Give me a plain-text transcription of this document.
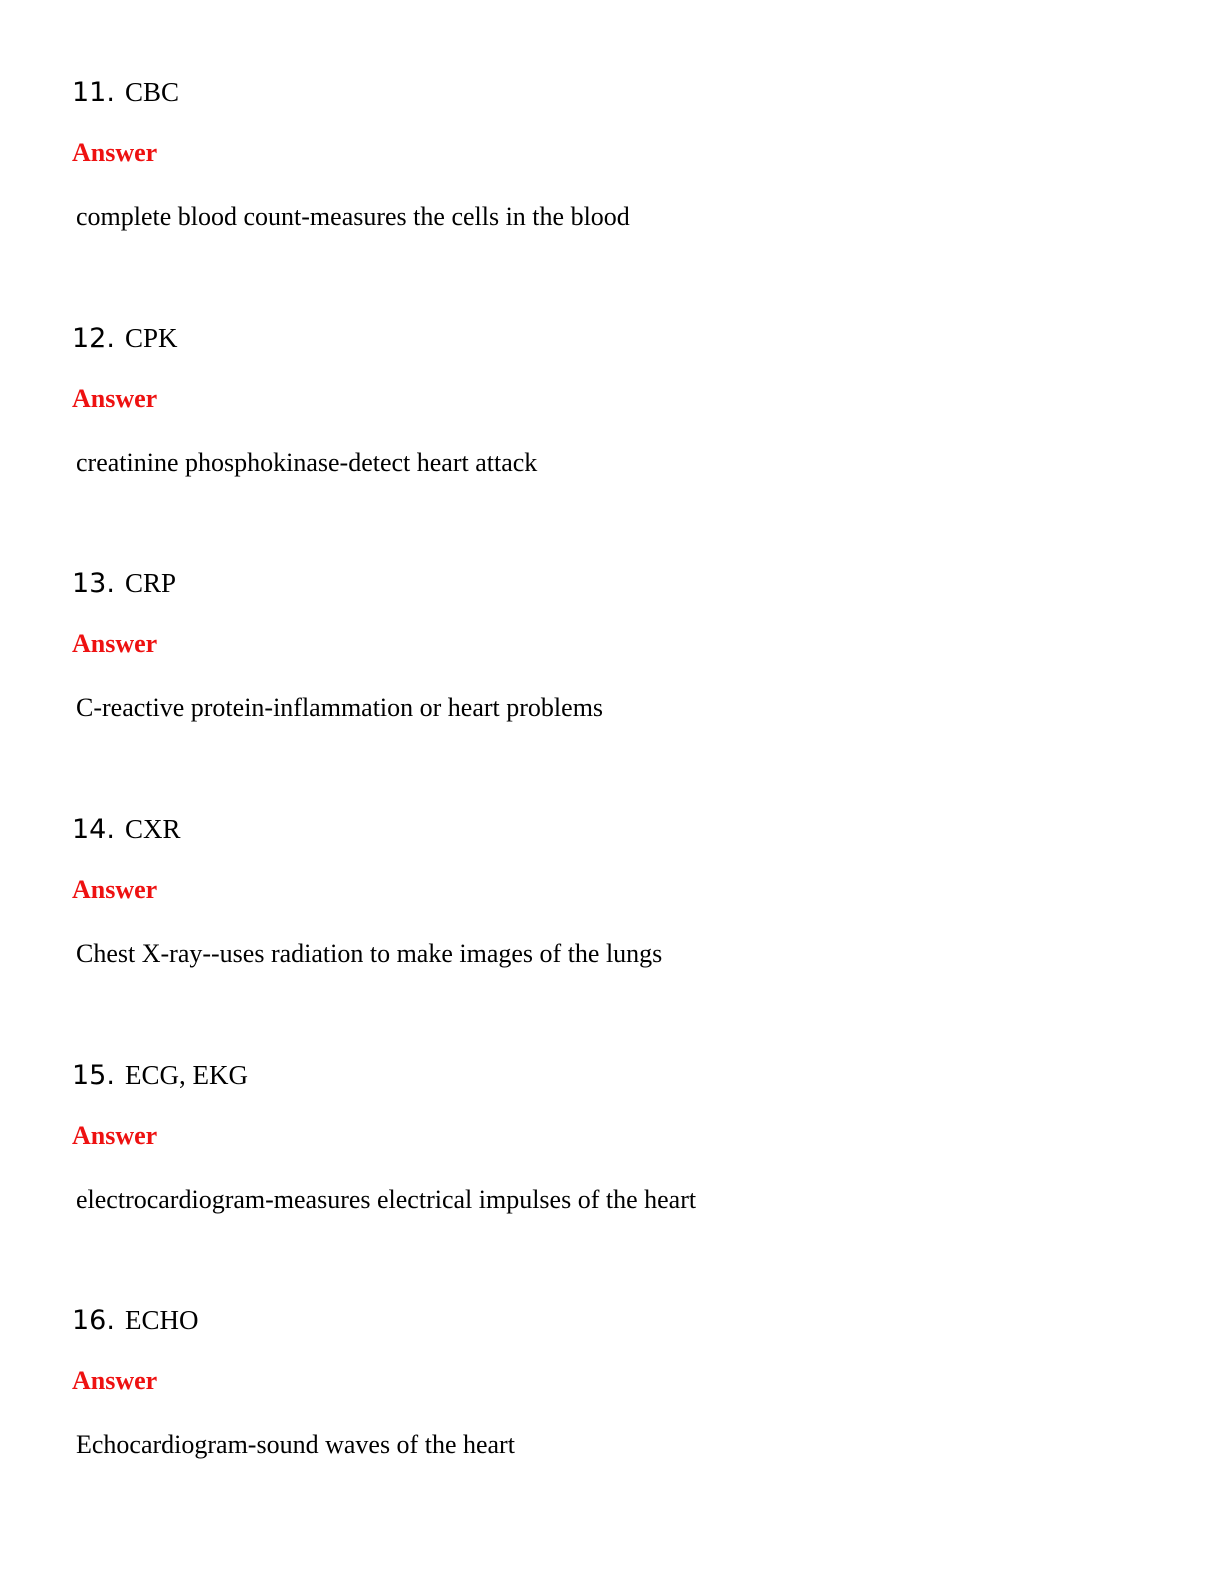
11. CBC
Answer
complete blood count-measures the cells in the blood
12. CPK
Answer
creatinine phosphokinase-detect heart attack
13. CRP
Answer
C-reactive protein-inflammation or heart problems
14. CXR
Answer
Chest X-ray--uses radiation to make images of the lungs
15. ECG, EKG
Answer
electrocardiogram-measures electrical impulses of the heart
16. ECHO
Answer
Echocardiogram-sound waves of the heart
